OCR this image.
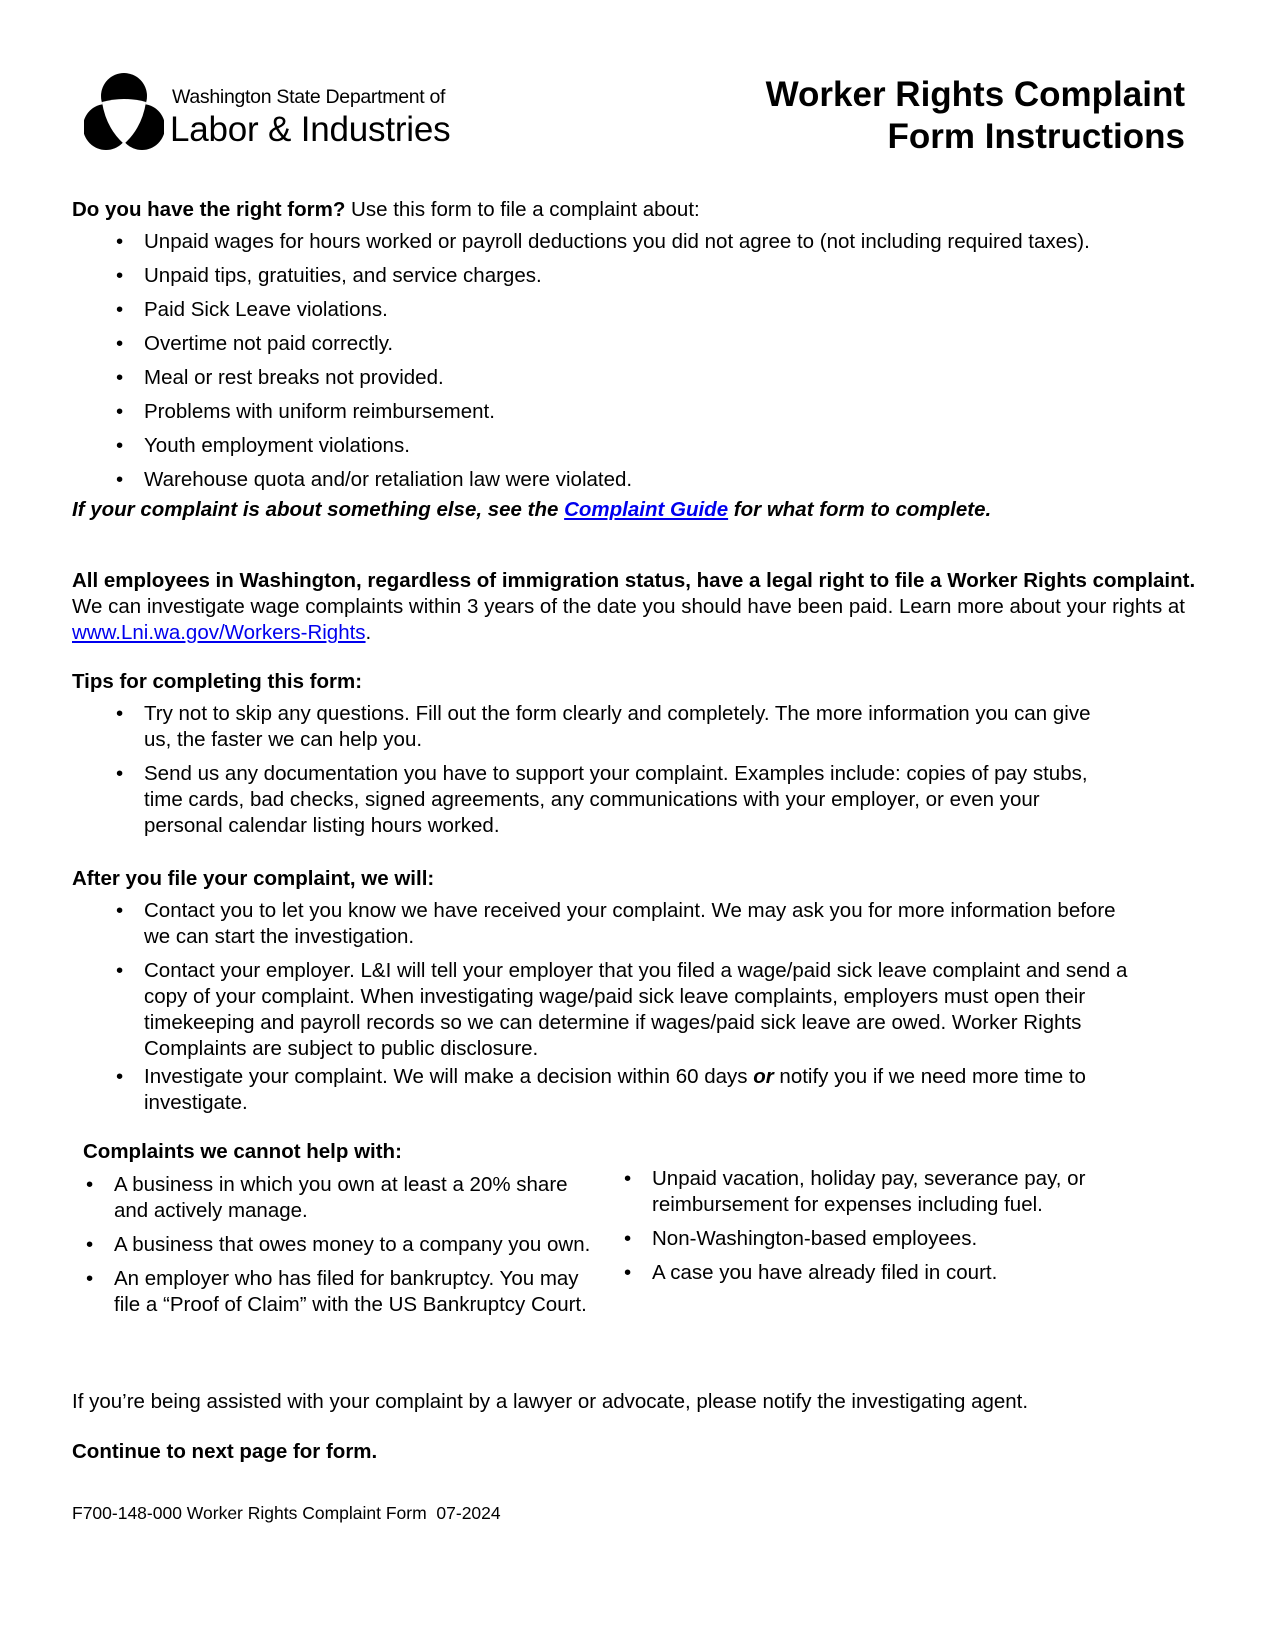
Washington State Department of
Labor & Industries
Worker Rights Complaint
Form Instructions
Do you have the right form? Use this form to file a complaint about:
• Unpaid wages for hours worked or payroll deductions you did not agree to (not including required taxes).
• Unpaid tips, gratuities, and service charges.
• Paid Sick Leave violations.
• Overtime not paid correctly.
• Meal or rest breaks not provided.
• Problems with uniform reimbursement.
• Youth employment violations.
• Warehouse quota and/or retaliation law were violated.
If your complaint is about something else, see the Complaint Guide for what form to complete.
All employees in Washington, regardless of immigration status, have a legal right to file a Worker Rights complaint. We can investigate wage complaints within 3 years of the date you should have been paid. Learn more about your rights at www.Lni.wa.gov/Workers-Rights.
Tips for completing this form:
• Try not to skip any questions. Fill out the form clearly and completely. The more information you can give us, the faster we can help you.
• Send us any documentation you have to support your complaint. Examples include: copies of pay stubs, time cards, bad checks, signed agreements, any communications with your employer, or even your personal calendar listing hours worked.
After you file your complaint, we will:
• Contact you to let you know we have received your complaint. We may ask you for more information before we can start the investigation.
• Contact your employer. L&I will tell your employer that you filed a wage/paid sick leave complaint and send a copy of your complaint. When investigating wage/paid sick leave complaints, employers must open their timekeeping and payroll records so we can determine if wages/paid sick leave are owed. Worker Rights Complaints are subject to public disclosure.
• Investigate your complaint. We will make a decision within 60 days or notify you if we need more time to investigate.
Complaints we cannot help with:
• A business in which you own at least a 20% share and actively manage.
• A business that owes money to a company you own.
• An employer who has filed for bankruptcy. You may file a “Proof of Claim” with the US Bankruptcy Court.
• Unpaid vacation, holiday pay, severance pay, or reimbursement for expenses including fuel.
• Non-Washington-based employees.
• A case you have already filed in court.
If you’re being assisted with your complaint by a lawyer or advocate, please notify the investigating agent.
Continue to next page for form.
F700-148-000 Worker Rights Complaint Form  07-2024
